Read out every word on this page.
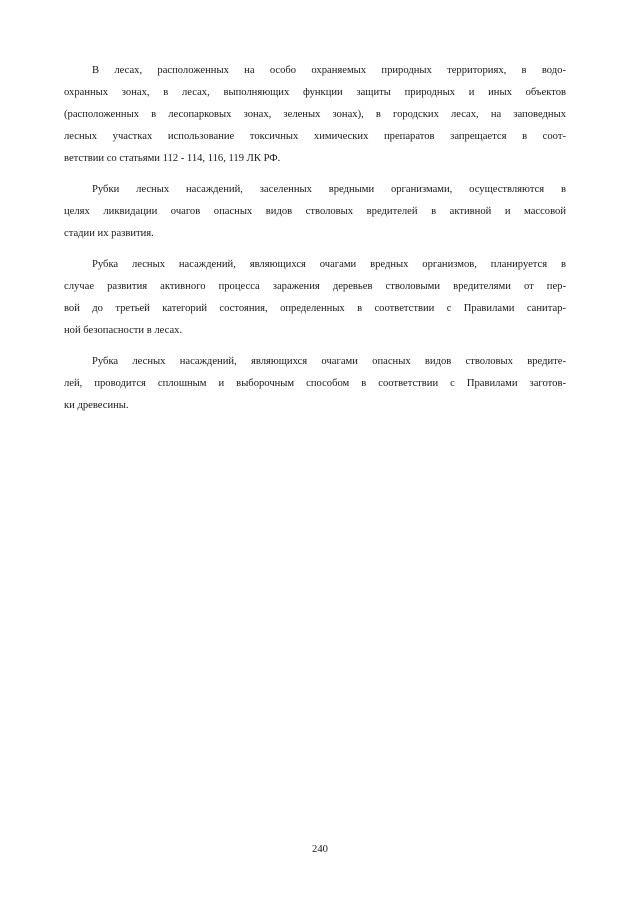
В лесах, расположенных на особо охраняемых природных территориях, в водо-
охранных зонах, в лесах, выполняющих функции защиты природных и иных объектов
(расположенных в лесопарковых зонах, зеленых зонах), в городских лесах, на заповедных
лесных участках использование токсичных химических препаратов запрещается в соот-
ветствии со статьями 112 - 114, 116, 119 ЛК РФ.

Рубки лесных насаждений, заселенных вредными организмами, осуществляются в
целях ликвидации очагов опасных видов стволовых вредителей в активной и массовой
стадии их развития.

Рубка лесных насаждений, являющихся очагами вредных организмов, планируется в
случае развития активного процесса заражения деревьев стволовыми вредителями от пер-
вой до третьей категорий состояния, определенных в соответствии с Правилами санитар-
ной безопасности в лесах.

Рубка лесных насаждений, являющихся очагами опасных видов стволовых вредите-
лей, проводится сплошным и выборочным способом в соответствии с Правилами заготов-
ки древесины.

240
